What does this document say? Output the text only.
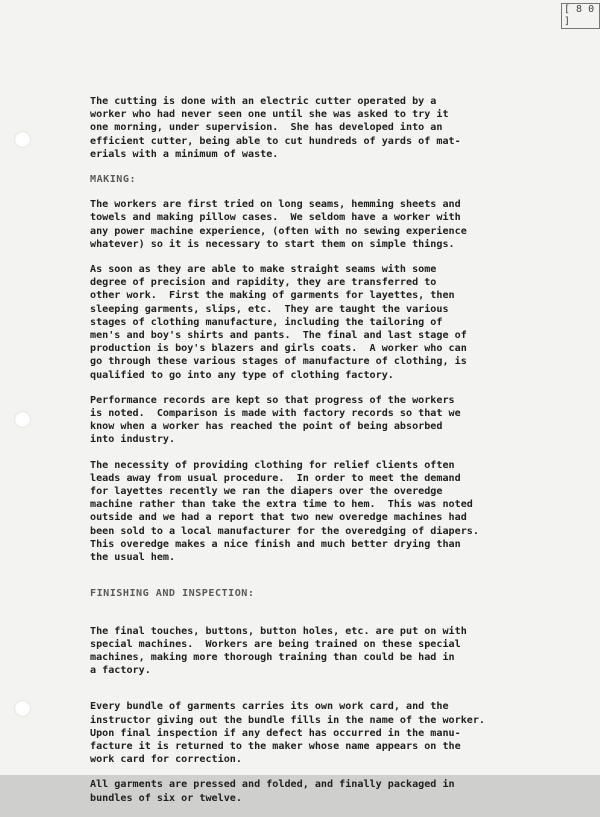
[ 8 0 ]

The cutting is done with an electric cutter operated by a
worker who had never seen one until she was asked to try it
one morning, under supervision.  She has developed into an
efficient cutter, being able to cut hundreds of yards of mat-
erials with a minimum of waste.

MAKING:

The workers are first tried on long seams, hemming sheets and
towels and making pillow cases.  We seldom have a worker with
any power machine experience, (often with no sewing experience
whatever) so it is necessary to start them on simple things.

As soon as they are able to make straight seams with some
degree of precision and rapidity, they are transferred to
other work.  First the making of garments for layettes, then
sleeping garments, slips, etc.  They are taught the various
stages of clothing manufacture, including the tailoring of
men's and boy's shirts and pants.  The final and last stage of
production is boy's blazers and girls coats.  A worker who can
go through these various stages of manufacture of clothing, is
qualified to go into any type of clothing factory.

Performance records are kept so that progress of the workers
is noted.  Comparison is made with factory records so that we
know when a worker has reached the point of being absorbed
into industry.

The necessity of providing clothing for relief clients often
leads away from usual procedure.  In order to meet the demand
for layettes recently we ran the diapers over the overedge
machine rather than take the extra time to hem.  This was noted
outside and we had a report that two new overedge machines had
been sold to a local manufacturer for the overedging of diapers.
This overedge makes a nice finish and much better drying than
the usual hem.

FINISHING AND INSPECTION:

The final touches, buttons, button holes, etc. are put on with
special machines.  Workers are being trained on these special
machines, making more thorough training than could be had in
a factory.

Every bundle of garments carries its own work card, and the
instructor giving out the bundle fills in the name of the worker.
Upon final inspection if any defect has occurred in the manu-
facture it is returned to the maker whose name appears on the
work card for correction.

All garments are pressed and folded, and finally packaged in
bundles of six or twelve.
